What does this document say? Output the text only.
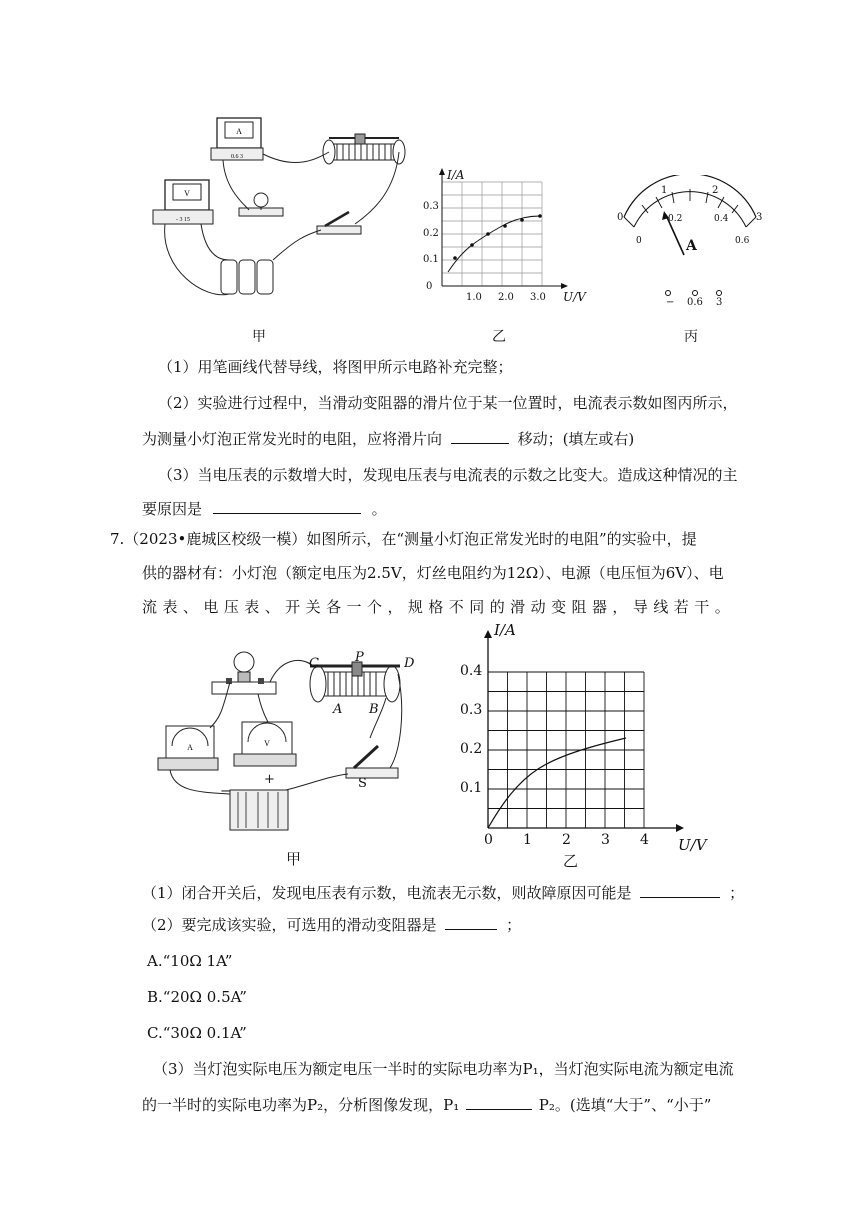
A
0.6 3
V
- 3 15
甲
I/A
0.3
0.2
0.1
0
1.0 2.0 3.0 U/V
乙
0
1	2
3
0
0.2	0.4
0.6
A
− 0.6 3
丙
（1）用笔画线代替导线，将图甲所示电路补充完整；
（2）实验进行过程中，当滑动变阻器的滑片位于某一位置时，电流表示数如图丙所示，
为测量小灯泡正常发光时的电阻，应将滑片向	移动；(填左或右)
（3）当电压表的示数增大时，发现电压表与电流表的示数之比变大。造成这种情况的主
要原因是	。
7.（2023•鹿城区校级一模）如图所示，在“测量小灯泡正常发光时的电阻”的实验中，提
供的器材有：小灯泡（额定电压为2.5V，灯丝电阻约为12Ω）、电源（电压恒为6V）、电
流 表 、 电 压 表 、 开 关 各 一 个 ， 规 格 不 同 的 滑 动 变 阻 器 ， 导 线 若 干 。
A	V
C	P	D
A B
S
−
+
甲
I/A
0.4
0.3
0.2
0.1
0 1 2 3 4 U/V
乙
（1）闭合开关后，发现电压表有示数，电流表无示数，则故障原因可能是	；
（2）要完成该实验，可选用的滑动变阻器是	；
A.“10Ω 1A”
B.“20Ω 0.5A”
C.“30Ω 0.1A”
（3）当灯泡实际电压为额定电压一半时的实际电功率为P₁，当灯泡实际电流为额定电流
的一半时的实际电功率为P₂，分析图像发现，P₁	P₂。(选填“大于”、“小于”
